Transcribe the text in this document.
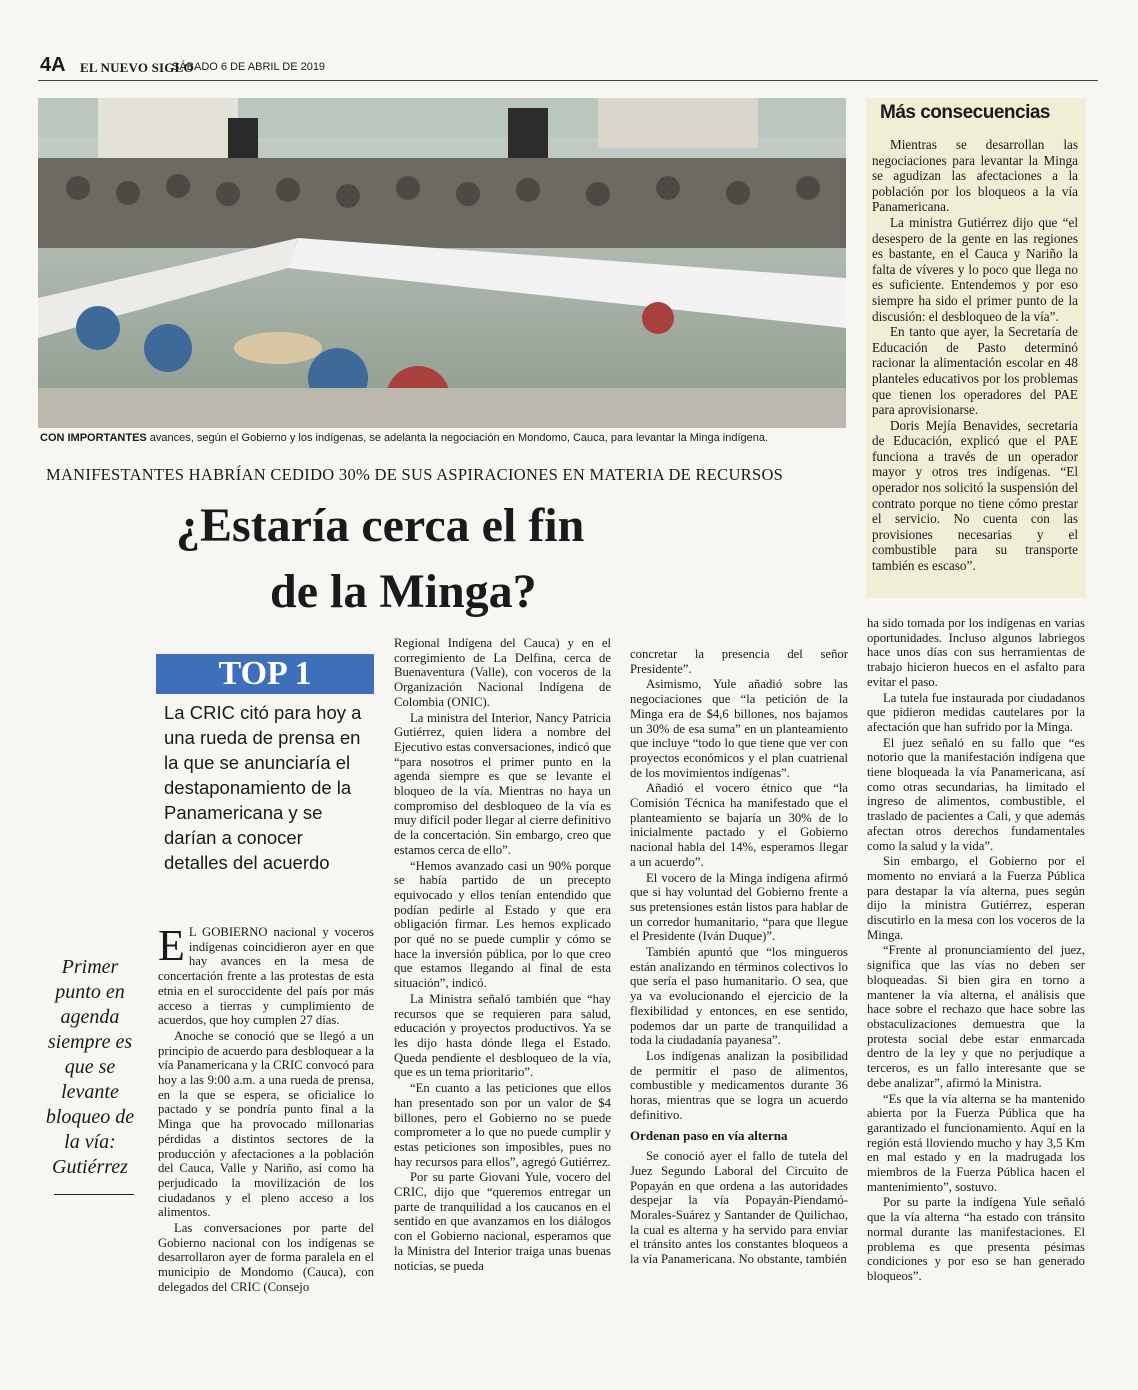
4A EL NUEVO SIGLO
SÁBADO 6 DE ABRIL DE 2019
CON IMPORTANTES avances, según el Gobierno y los indígenas, se adelanta la negociación en Mondomo, Cauca, para levantar la Minga indígena.
Más consecuencias

Mientras se desarrollan las negociaciones para levantar la Minga se agudizan las afectaciones a la población por los bloqueos a la vía Panamericana.

La ministra Gutiérrez dijo que “el desespero de la gente en las regiones es bastante, en el Cauca y Nariño la falta de víveres y lo poco que llega no es suficiente. Entendemos y por eso siempre ha sido el primer punto de la discusión: el desbloqueo de la vía”.

En tanto que ayer, la Secretaría de Educación de Pasto determinó racionar la alimentación escolar en 48 planteles educativos por los problemas que tienen los operadores del PAE para aprovisionarse.

Doris Mejía Benavides, secretaria de Educación, explicó que el PAE funciona a través de un operador mayor y otros tres indígenas. “El operador nos solicitó la suspensión del contrato porque no tiene cómo prestar el servicio. No cuenta con las provisiones necesarias y el combustible para su transporte también es escaso”.

MANIFESTANTES HABRÍAN CEDIDO 30% DE SUS ASPIRACIONES EN MATERIA DE RECURSOS
¿Estaría cerca el fin
de la Minga?
TOP 1
La CRIC citó para hoy a una rueda de prensa en la que se anunciaría el destaponamiento de la Panamericana y se darían a conocer detalles del acuerdo
Primer punto en agenda siempre es que se levante bloqueo de la vía: Gutiérrez

E L GOBIERNO nacional y voceros indígenas coincidieron ayer en que hay avances en la mesa de concertación frente a las protestas de esta etnia en el suroccidente del país por más acceso a tierras y cumplimiento de acuerdos, que hoy cumplen 27 días.

Anoche se conoció que se llegó a un principio de acuerdo para desbloquear a la vía Panamericana y la CRIC convocó para hoy a las 9:00 a.m. a una rueda de prensa, en la que se espera, se oficialice lo pactado y se pondría punto final a la Minga que ha provocado millonarias pérdidas a distintos sectores de la producción y afectaciones a la población del Cauca, Valle y Nariño, así como ha perjudicado la movilización de los ciudadanos y el pleno acceso a los alimentos.

Las conversaciones por parte del Gobierno nacional con los indígenas se desarrollaron ayer de forma paralela en el municipio de Mondomo (Cauca), con delegados del CRIC (Consejo

Regional Indígena del Cauca) y en el corregimiento de La Delfina, cerca de Buenaventura (Valle), con voceros de la Organización Nacional Indígena de Colombia (ONIC).

La ministra del Interior, Nancy Patricia Gutiérrez, quien lidera a nombre del Ejecutivo estas conversaciones, indicó que “para nosotros el primer punto en la agenda siempre es que se levante el bloqueo de la vía. Mientras no haya un compromiso del desbloqueo de la vía es muy difícil poder llegar al cierre definitivo de la concertación. Sin embargo, creo que estamos cerca de ello”.

“Hemos avanzado casi un 90% porque se había partido de un precepto equivocado y ellos tenían entendido que podían pedirle al Estado y que era obligación firmar. Les hemos explicado por qué no se puede cumplir y cómo se hace la inversión pública, por lo que creo que estamos llegando al final de esta situación”, indicó.

La Ministra señaló también que “hay recursos que se requieren para salud, educación y proyectos productivos. Ya se les dijo hasta dónde llega el Estado. Queda pendiente el desbloqueo de la vía, que es un tema prioritario”.

“En cuanto a las peticiones que ellos han presentado son por un valor de $4 billones, pero el Gobierno no se puede comprometer a lo que no puede cumplir y estas peticiones son imposibles, pues no hay recursos para ellos”, agregó Gutiérrez.

Por su parte Giovani Yule, vocero del CRIC, dijo que “queremos entregar un parte de tranquilidad a los caucanos en el sentido en que avanzamos en los diálogos con el Gobierno nacional, esperamos que la Ministra del Interior traiga unas buenas noticias, se pueda

concretar la presencia del señor Presidente”.

Asimismo, Yule añadió sobre las negociaciones que “la petición de la Minga era de $4,6 billones, nos bajamos un 30% de esa suma” en un planteamiento que incluye “todo lo que tiene que ver con proyectos económicos y el plan cuatrienal de los movimientos indígenas”.

Añadió el vocero étnico que “la Comisión Técnica ha manifestado que el planteamiento se bajaría un 30% de lo inicialmente pactado y el Gobierno nacional habla del 14%, esperamos llegar a un acuerdo”.

El vocero de la Minga indígena afirmó que si hay voluntad del Gobierno frente a sus pretensiones están listos para hablar de un corredor humanitario, “para que llegue el Presidente (Iván Duque)”.

También apuntó que “los mingueros están analizando en términos colectivos lo que sería el paso humanitario. O sea, que ya va evolucionando el ejercicio de la flexibilidad y entonces, en ese sentido, podemos dar un parte de tranquilidad a toda la ciudadanía payanesa”.

Los indígenas analizan la posibilidad de permitir el paso de alimentos, combustible y medicamentos durante 36 horas, mientras que se logra un acuerdo definitivo.

Ordenan paso en vía alterna

Se conoció ayer el fallo de tutela del Juez Segundo Laboral del Circuito de Popayán en que ordena a las autoridades despejar la vía Popayán-Piendamó-Morales-Suárez y Santander de Quilichao, la cual es alterna y ha servido para enviar el tránsito antes los constantes bloqueos a la vía Panamericana. No obstante, también

ha sido tomada por los indígenas en varias oportunidades. Incluso algunos labriegos hace unos días con sus herramientas de trabajo hicieron huecos en el asfalto para evitar el paso.

La tutela fue instaurada por ciudadanos que pidieron medidas cautelares por la afectación que han sufrido por la Minga.

El juez señaló en su fallo que “es notorio que la manifestación indígena que tiene bloqueada la vía Panamericana, así como otras secundarias, ha limitado el ingreso de alimentos, combustible, el traslado de pacientes a Cali, y que además afectan otros derechos fundamentales como la salud y la vida”.

Sin embargo, el Gobierno por el momento no enviará a la Fuerza Pública para destapar la vía alterna, pues según dijo la ministra Gutiérrez, esperan discutirlo en la mesa con los voceros de la Minga.

“Frente al pronunciamiento del juez, significa que las vías no deben ser bloqueadas. Si bien gira en torno a mantener la vía alterna, el análisis que hace sobre el rechazo que hace sobre las obstaculizaciones demuestra que la protesta social debe estar enmarcada dentro de la ley y que no perjudique a terceros, es un fallo interesante que se debe analizar”, afirmó la Ministra.

“Es que la vía alterna se ha mantenido abierta por la Fuerza Pública que ha garantizado el funcionamiento. Aquí en la región está lloviendo mucho y hay 3,5 Km en mal estado y en la madrugada los miembros de la Fuerza Pública hacen el mantenimiento”, sostuvo.

Por su parte la indígena Yule señaló que la vía alterna “ha estado con tránsito normal durante las manifestaciones. El problema es que presenta pésimas condiciones y por eso se han generado bloqueos”.
